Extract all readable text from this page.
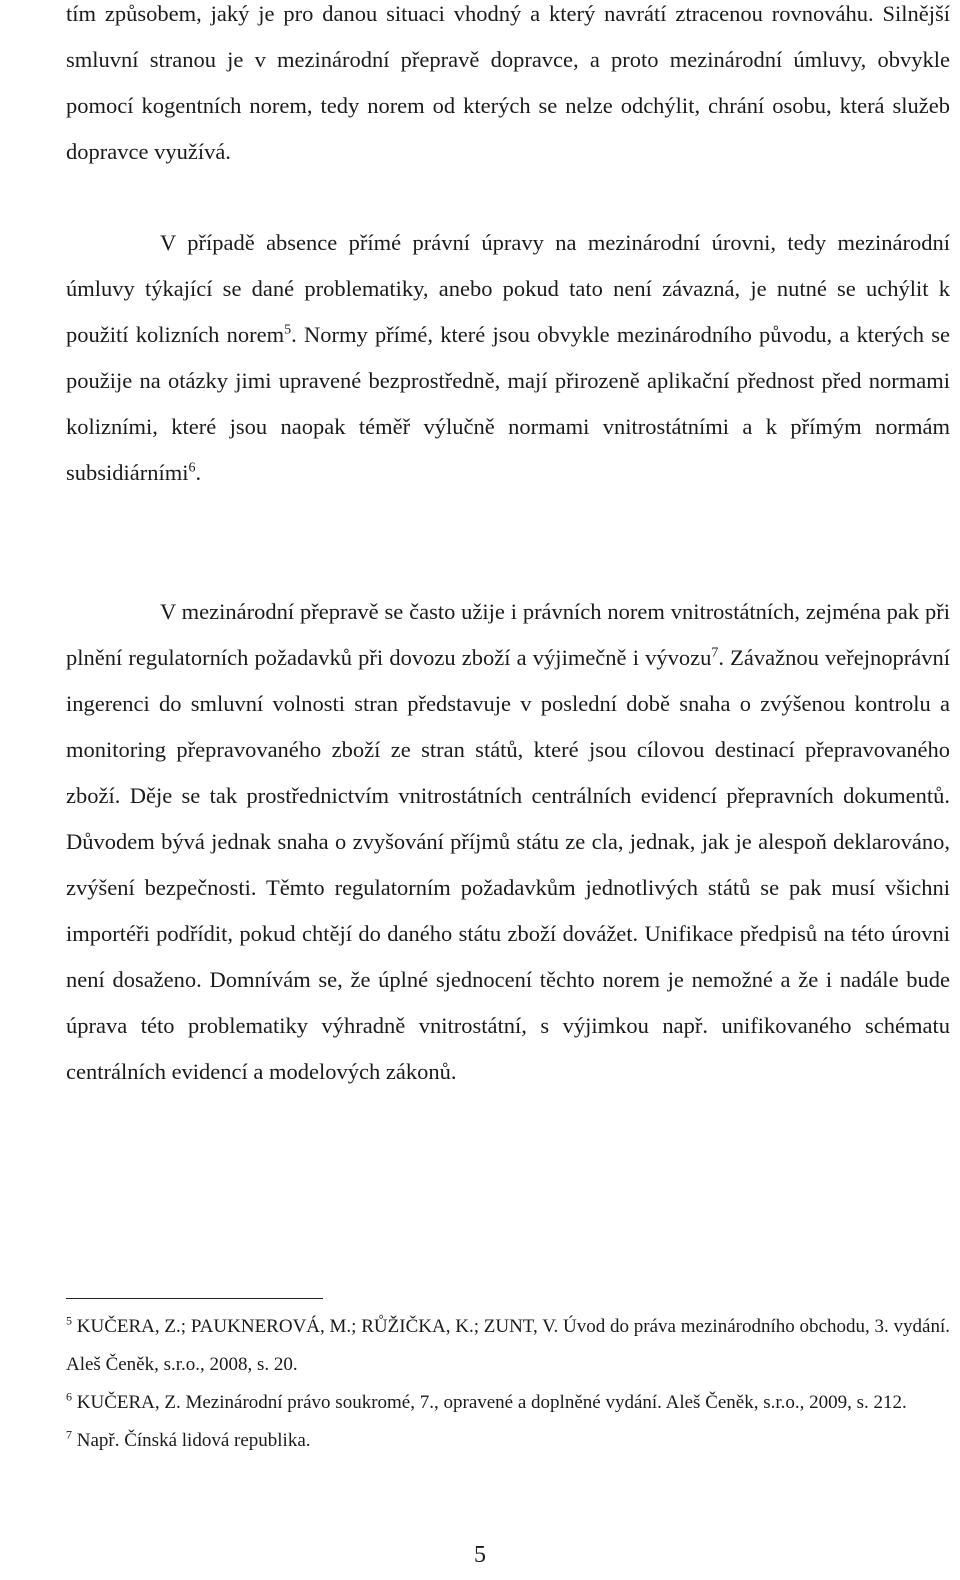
tím způsobem, jaký je pro danou situaci vhodný a který navrátí ztracenou rovnováhu. Silnější smluvní stranou je v mezinárodní přepravě dopravce, a proto mezinárodní úmluvy, obvykle pomocí kogentních norem, tedy norem od kterých se nelze odchýlit, chrání osobu, která služeb dopravce využívá.

V případě absence přímé právní úpravy na mezinárodní úrovni, tedy mezinárodní úmluvy týkající se dané problematiky, anebo pokud tato není závazná, je nutné se uchýlit k použití kolizních norem$^5$. Normy přímé, které jsou obvykle mezinárodního původu, a kterých se použije na otázky jimi upravené bezprostředně, mají přirozeně aplikační přednost před normami kolizními, které jsou naopak téměř výlučně normami vnitrostátními a k přímým normám subsidiárními$^6$.

V mezinárodní přepravě se často užije i právních norem vnitrostátních, zejména pak při plnění regulatorních požadavků při dovozu zboží a výjimečně i vývozu$^7$. Závažnou veřejnoprávní ingerenci do smluvní volnosti stran představuje v poslední době snaha o zvýšenou kontrolu a monitoring přepravovaného zboží ze stran států, které jsou cílovou destinací přepravovaného zboží. Děje se tak prostřednictvím vnitrostátních centrálních evidencí přepravních dokumentů. Důvodem bývá jednak snaha o zvyšování příjmů státu ze cla, jednak, jak je alespoň deklarováno, zvýšení bezpečnosti. Těmto regulatorním požadavkům jednotlivých států se pak musí všichni importéři podřídit, pokud chtějí do daného státu zboží dovážet. Unifikace předpisů na této úrovni není dosaženo. Domnívám se, že úplné sjednocení těchto norem je nemožné a že i nadále bude úprava této problematiky výhradně vnitrostátní, s výjimkou např. unifikovaného schématu centrálních evidencí a modelových zákonů.

$^5$ KUČERA, Z.; PAUKNEROVÁ, M.; RŮŽIČKA, K.; ZUNT, V. Úvod do práva mezinárodního obchodu, 3. vydání. Aleš Čeněk, s.r.o., 2008, s. 20.

$^6$ KUČERA, Z. Mezinárodní právo soukromé, 7., opravené a doplněné vydání. Aleš Čeněk, s.r.o., 2009, s. 212.

$^7$ Např. Čínská lidová republika.

5
